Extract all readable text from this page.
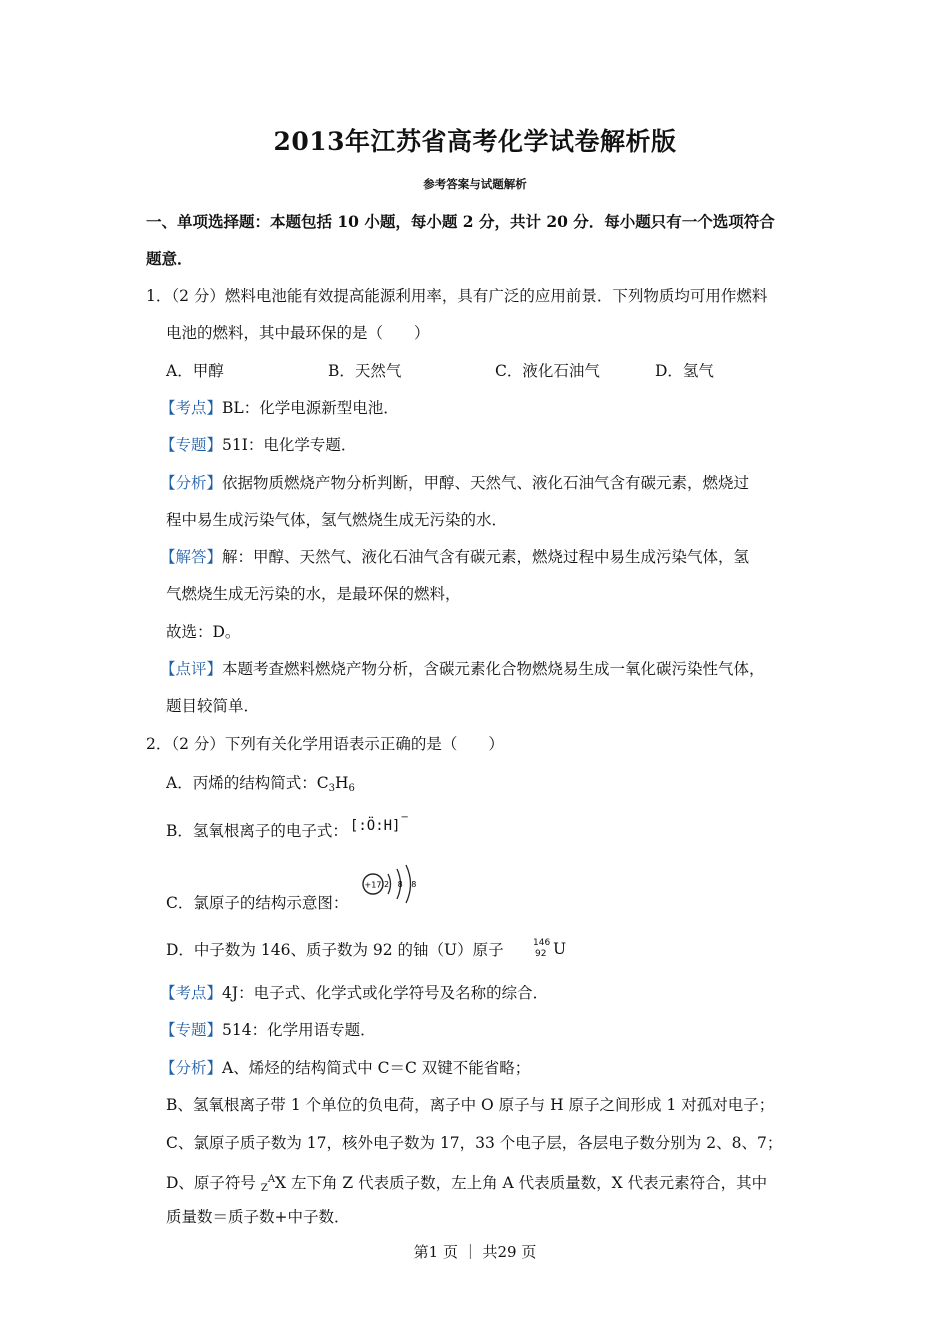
2013年江苏省高考化学试卷解析版
参考答案与试题解析
一、单项选择题：本题包括 10 小题，每小题 2 分，共计 20 分．每小题只有一个选项符合
题意．
1．（2 分）燃料电池能有效提高能源利用率，具有广泛的应用前景．下列物质均可用作燃料
电池的燃料，其中最环保的是（　　）
A．甲醇	B．天然气	C．液化石油气	D．氢气
【考点】BL：化学电源新型电池．
【专题】51I：电化学专题．
【分析】依据物质燃烧产物分析判断，甲醇、天然气、液化石油气含有碳元素，燃烧过
程中易生成污染气体，氢气燃烧生成无污染的水．
【解答】解：甲醇、天然气、液化石油气含有碳元素，燃烧过程中易生成污染气体，氢
气燃烧生成无污染的水，是最环保的燃料，
故选：D。
【点评】本题考查燃料燃烧产物分析，含碳元素化合物燃烧易生成一氧化碳污染性气体，
题目较简单．
2．（2 分）下列有关化学用语表示正确的是（　　）
A．丙烯的结构简式：$C_3H_6$
B．氢氧根离子的电子式： [:Ö:H]−
C．氯原子的结构示意图：
+17 2 8 8
D．中子数为 146、质子数为 92 的铀（U）原子	146
92 U
【考点】4J：电子式、化学式或化学符号及名称的综合．
【专题】514：化学用语专题．
【分析】A、烯烃的结构简式中 C＝C 双键不能省略；
B、氢氧根离子带 1 个单位的负电荷，离子中 O 原子与 H 原子之间形成 1 对孤对电子；
C、氯原子质子数为 17，核外电子数为 17，33 个电子层，各层电子数分别为 2、8、7；
D、原子符号 $_Z^A$X 左下角 Z 代表质子数，左上角 A 代表质量数，X 代表元素符合，其中
质量数＝质子数+中子数．
第1 页 ｜ 共29 页
